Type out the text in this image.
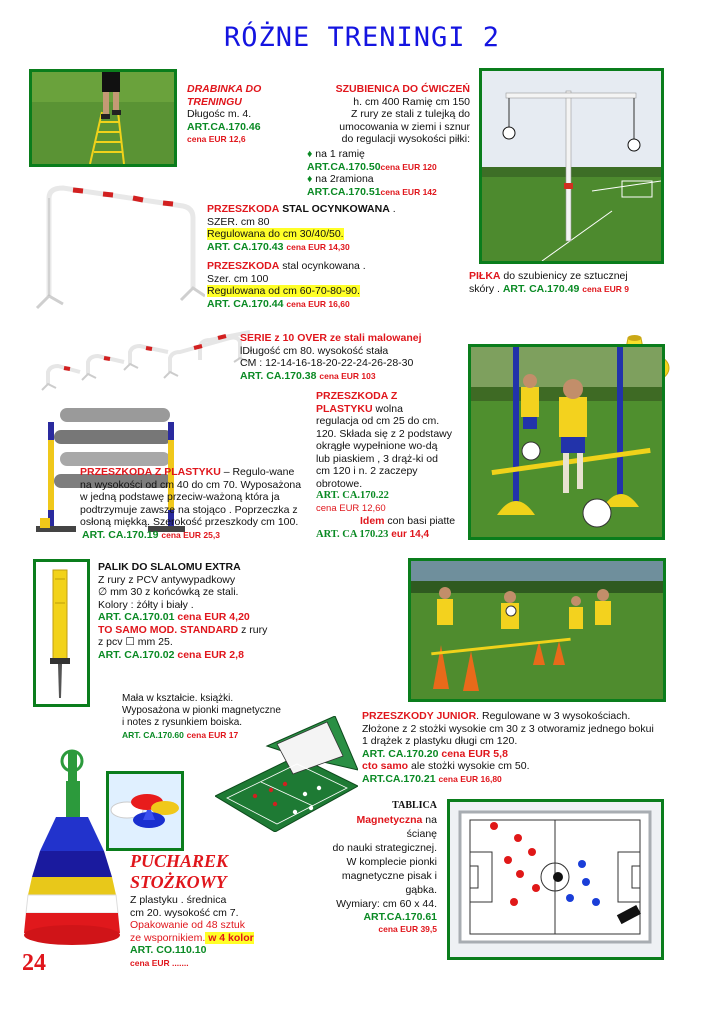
RÓŻNE TRENINGI 2
DRABINKA DO
TRENINGU
Długośc m. 4.
ART.CA.170.46
cena EUR 12,6
SZUBIENICA DO ĆWICZEŃ
h. cm 400 Ramię cm 150
Z rury ze stali z tulejką do
umocowania w ziemi i sznur
do regulacji wysokości piłki:
♦ na 1 ramię
ART.CA.170.50cena EUR 120
♦ na 2ramiona
ART.CA.170.51cena EUR 142
PRZESZKODA STAL OCYNKOWANA .
SZER. cm 80
Regulowana do cm 30/40/50.
ART. CA.170.43 cena EUR 14,30
PRZESZKODA stal ocynkowana .
Szer. cm 100
Regulowana od cm 60-70-80-90.
ART. CA.170.44 cena EUR 16,60
PIŁKA do szubienicy ze sztucznej
skóry . ART. CA.170.49 cena EUR 9
SERIE z 10 OVER ze stali malowanej
lDługość cm 80. wysokość stała
CM : 12-14-16-18-20-22-24-26-28-30
ART. CA.170.38 cena EUR 103
PRZESZKODA Z
PLASTYKU wolna
regulacja od cm 25 do cm.
120. Składa się z 2 podstawy
okrągłe wypełnione wo-dą
lub piaskiem , 3 drąż-ki od
cm 120 i n. 2 zaczepy
obrotowe.
ART. CA.170.22
cena EUR 12,60
Idem con basi piatte
ART. CA 170.23 eur 14,4
PRZESZKODA Z PLASTYKU – Regulo-wane
na wysokości od cm 40 do cm 70. Wyposażona
w jedną podstawę przeciw-ważoną która ja
podtrzymuje zawsze na stojąco . Poprzeczka z
osłoną miękką. Szerokość przeszkody cm 100.
ART. CA.170.19 cena EUR 25,3
PALIK DO SLALOMU EXTRA
Z rury z PCV antywypadkowy
∅ mm 30 z końcówką ze stali.
Kolory : żółty i biały .
ART. CA.170.01 cena EUR 4,20
TO SAMO MOD. STANDARD z rury
z pcv ☐ mm 25.
ART. CA.170.02 cena EUR 2,8
Mała w kształcie. książki.
Wyposażona w pionki magnetyczne
i notes z rysunkiem boiska.
ART. CA.170.60 cena EUR 17
PRZESZKODY JUNIOR. Regulowane w 3 wysokościach.
Złożone z 2 stożki wysokie cm 30 z 3 otworamiz jednego bokui
1 drążek z plastyku długi cm 120.
ART. CA.170.20 cena EUR 5,8
cto samo ale stożki wysokie cm 50.
ART.CA.170.21 cena EUR 16,80
PUCHAREK
STOŻKOWY
Z plastyku . średnica
cm 20. wysokość cm 7.
Opakowanie od 48 sztuk
ze wspornikiem. w 4 kolor
ART. CO.110.10
cena EUR .......
TABLICA
Magnetyczna na
ścianę
do nauki strategicznej.
W komplecie pionki
magnetyczne pisak i
gąbka.
Wymiary: cm 60 x 44.
ART.CA.170.61
cena EUR 39,5
24
